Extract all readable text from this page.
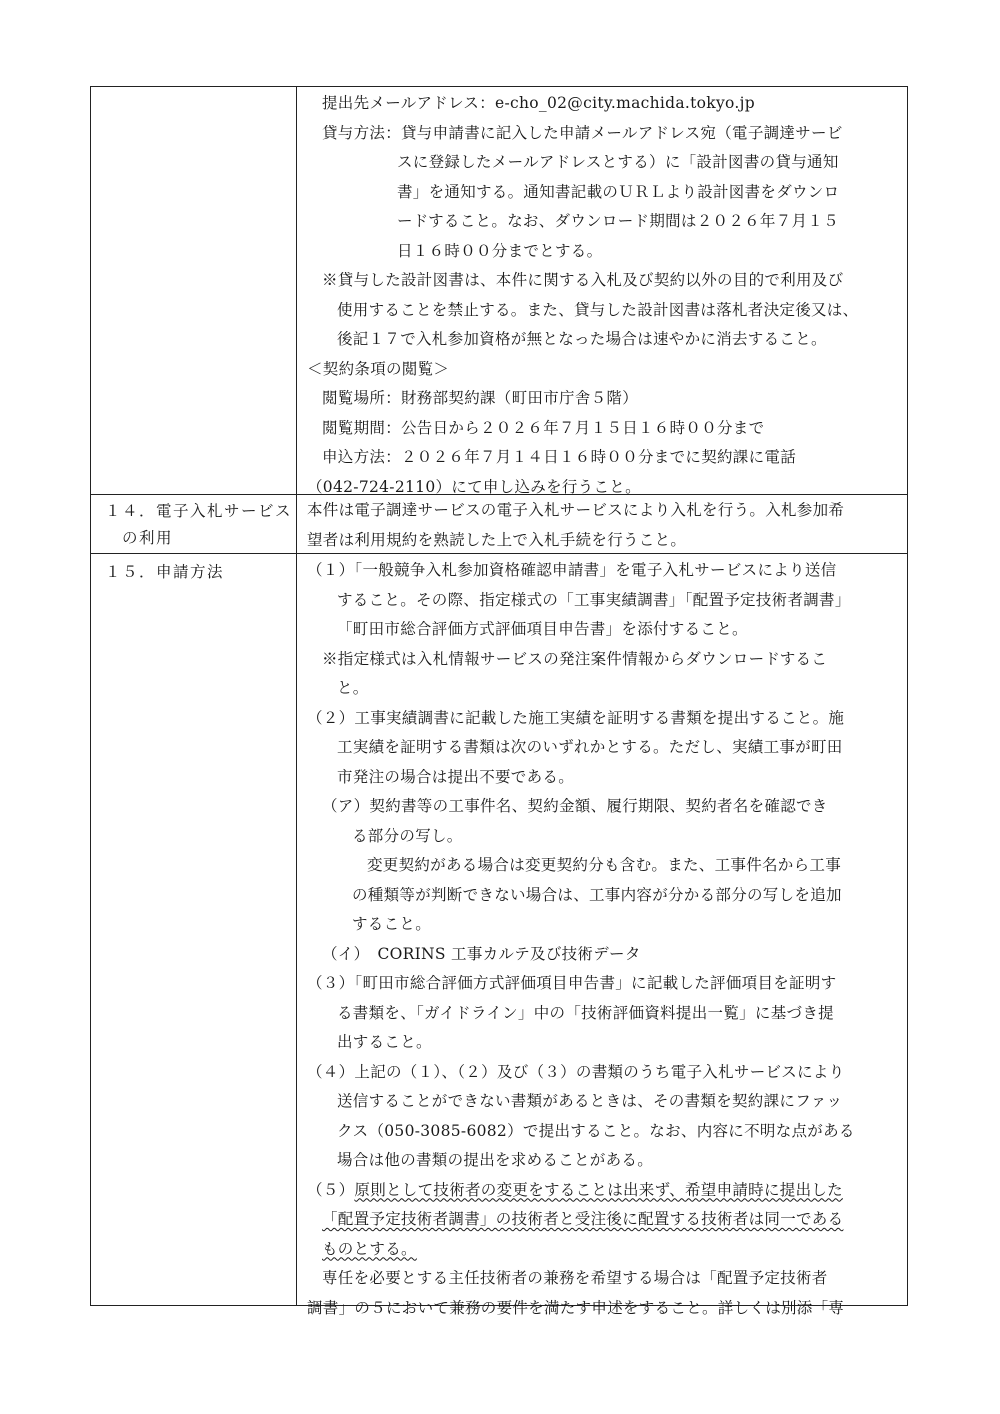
提出先メールアドレス：e-cho_02@city.machida.tokyo.jp
貸与方法：貸与申請書に記入した申請メールアドレス宛（電子調達サービ
スに登録したメールアドレスとする）に「設計図書の貸与通知
書」を通知する。通知書記載のＵＲＬより設計図書をダウンロ
ードすること。なお、ダウンロード期間は２０２６年７月１５
日１６時００分までとする。
※貸与した設計図書は、本件に関する入札及び契約以外の目的で利用及び
使用することを禁止する。また、貸与した設計図書は落札者決定後又は、
後記１７で入札参加資格が無となった場合は速やかに消去すること。
＜契約条項の閲覧＞
閲覧場所：財務部契約課（町田市庁舎５階）
閲覧期間：公告日から２０２６年７月１５日１６時００分まで
申込方法：２０２６年７月１４日１６時００分までに契約課に電話
（042-724-2110）にて申し込みを行うこと。
１４．電子入札サービス
　の利用
本件は電子調達サービスの電子入札サービスにより入札を行う。入札参加希
望者は利用規約を熟読した上で入札手続を行うこと。
１５．申請方法	（１）「一般競争入札参加資格確認申請書」を電子入札サービスにより送信
すること。その際、指定様式の「工事実績調書」「配置予定技術者調書」
「町田市総合評価方式評価項目申告書」を添付すること。
※指定様式は入札情報サービスの発注案件情報からダウンロードするこ
と。
（２）工事実績調書に記載した施工実績を証明する書類を提出すること。施
工実績を証明する書類は次のいずれかとする。ただし、実績工事が町田
市発注の場合は提出不要である。
（ア）契約書等の工事件名、契約金額、履行期限、契約者名を確認でき
る部分の写し。
変更契約がある場合は変更契約分も含む。また、工事件名から工事
の種類等が判断できない場合は、工事内容が分かる部分の写しを追加
すること。
（イ）　CORINS 工事カルテ及び技術データ
（３）「町田市総合評価方式評価項目申告書」に記載した評価項目を証明す
る書類を、「ガイドライン」中の「技術評価資料提出一覧」に基づき提
出すること。
（４）上記の（１）、（２）及び（３）の書類のうち電子入札サービスにより
送信することができない書類があるときは、その書類を契約課にファッ
クス（050-3085-6082）で提出すること。なお、内容に不明な点がある
場合は他の書類の提出を求めることがある。
（５）原則として技術者の変更をすることは出来ず、希望申請時に提出した
「配置予定技術者調書」の技術者と受注後に配置する技術者は同一である
ものとする。
専任を必要とする主任技術者の兼務を希望する場合は「配置予定技術者
調書」の５において兼務の要件を満たす申述をすること。詳しくは別添「専
